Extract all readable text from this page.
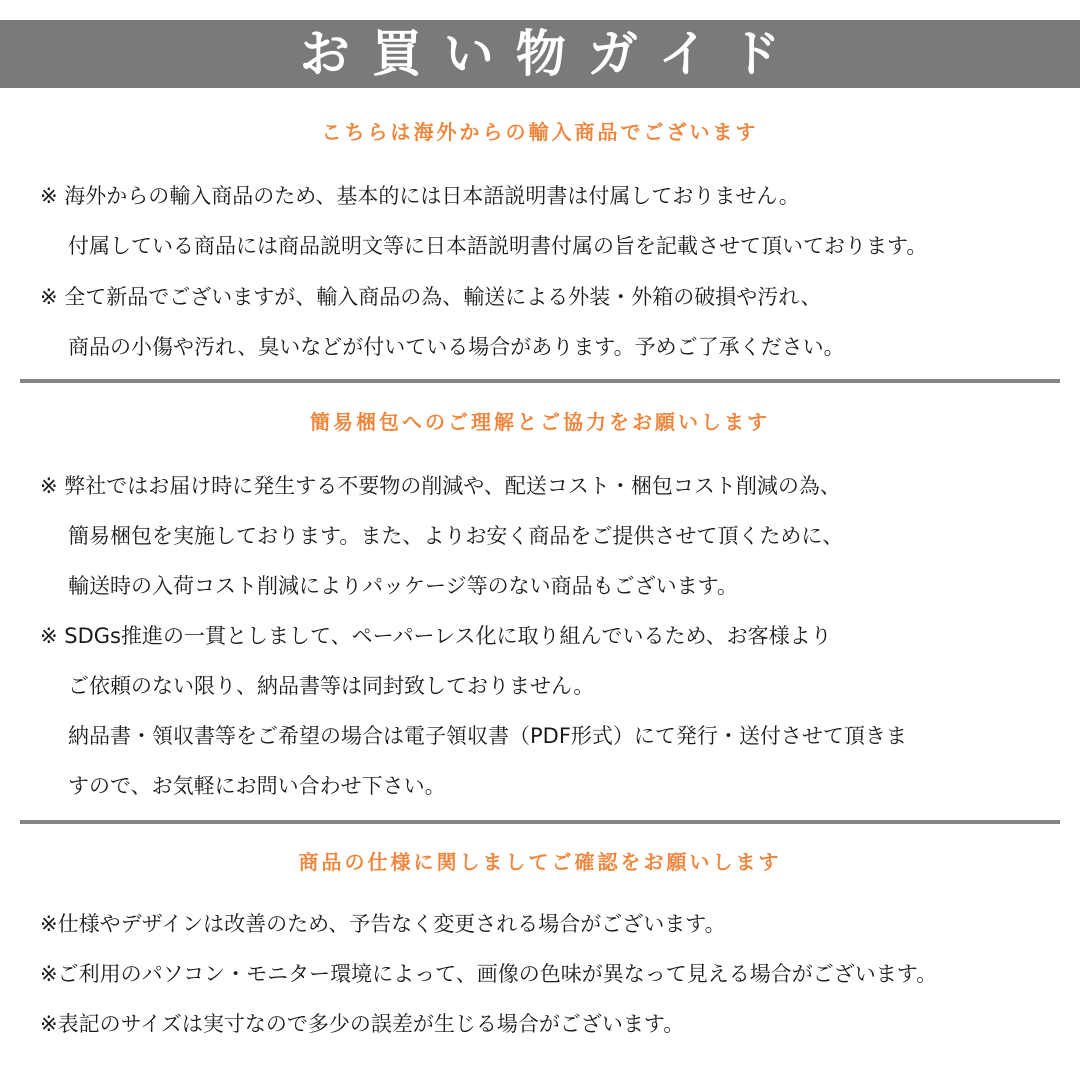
お買い物ガイド
こちらは海外からの輸入商品でございます
※ 海外からの輸入商品のため、基本的には日本語説明書は付属しておりません。
付属している商品には商品説明文等に日本語説明書付属の旨を記載させて頂いております。
※ 全て新品でございますが、輸入商品の為、輸送による外装・外箱の破損や汚れ、
商品の小傷や汚れ、臭いなどが付いている場合があります。予めご了承ください。
簡易梱包へのご理解とご協力をお願いします
※ 弊社ではお届け時に発生する不要物の削減や、配送コスト・梱包コスト削減の為、
簡易梱包を実施しております。また、よりお安く商品をご提供させて頂くために、
輸送時の入荷コスト削減によりパッケージ等のない商品もございます。
※ SDGs推進の一貫としまして、ペーパーレス化に取り組んでいるため、お客様より
ご依頼のない限り、納品書等は同封致しておりません。
納品書・領収書等をご希望の場合は電子領収書（PDF形式）にて発行・送付させて頂きま
すので、お気軽にお問い合わせ下さい。
商品の仕様に関しましてご確認をお願いします
※仕様やデザインは改善のため、予告なく変更される場合がございます。
※ご利用のパソコン・モニター環境によって、画像の色味が異なって見える場合がございます。
※表記のサイズは実寸なので多少の誤差が生じる場合がございます。
